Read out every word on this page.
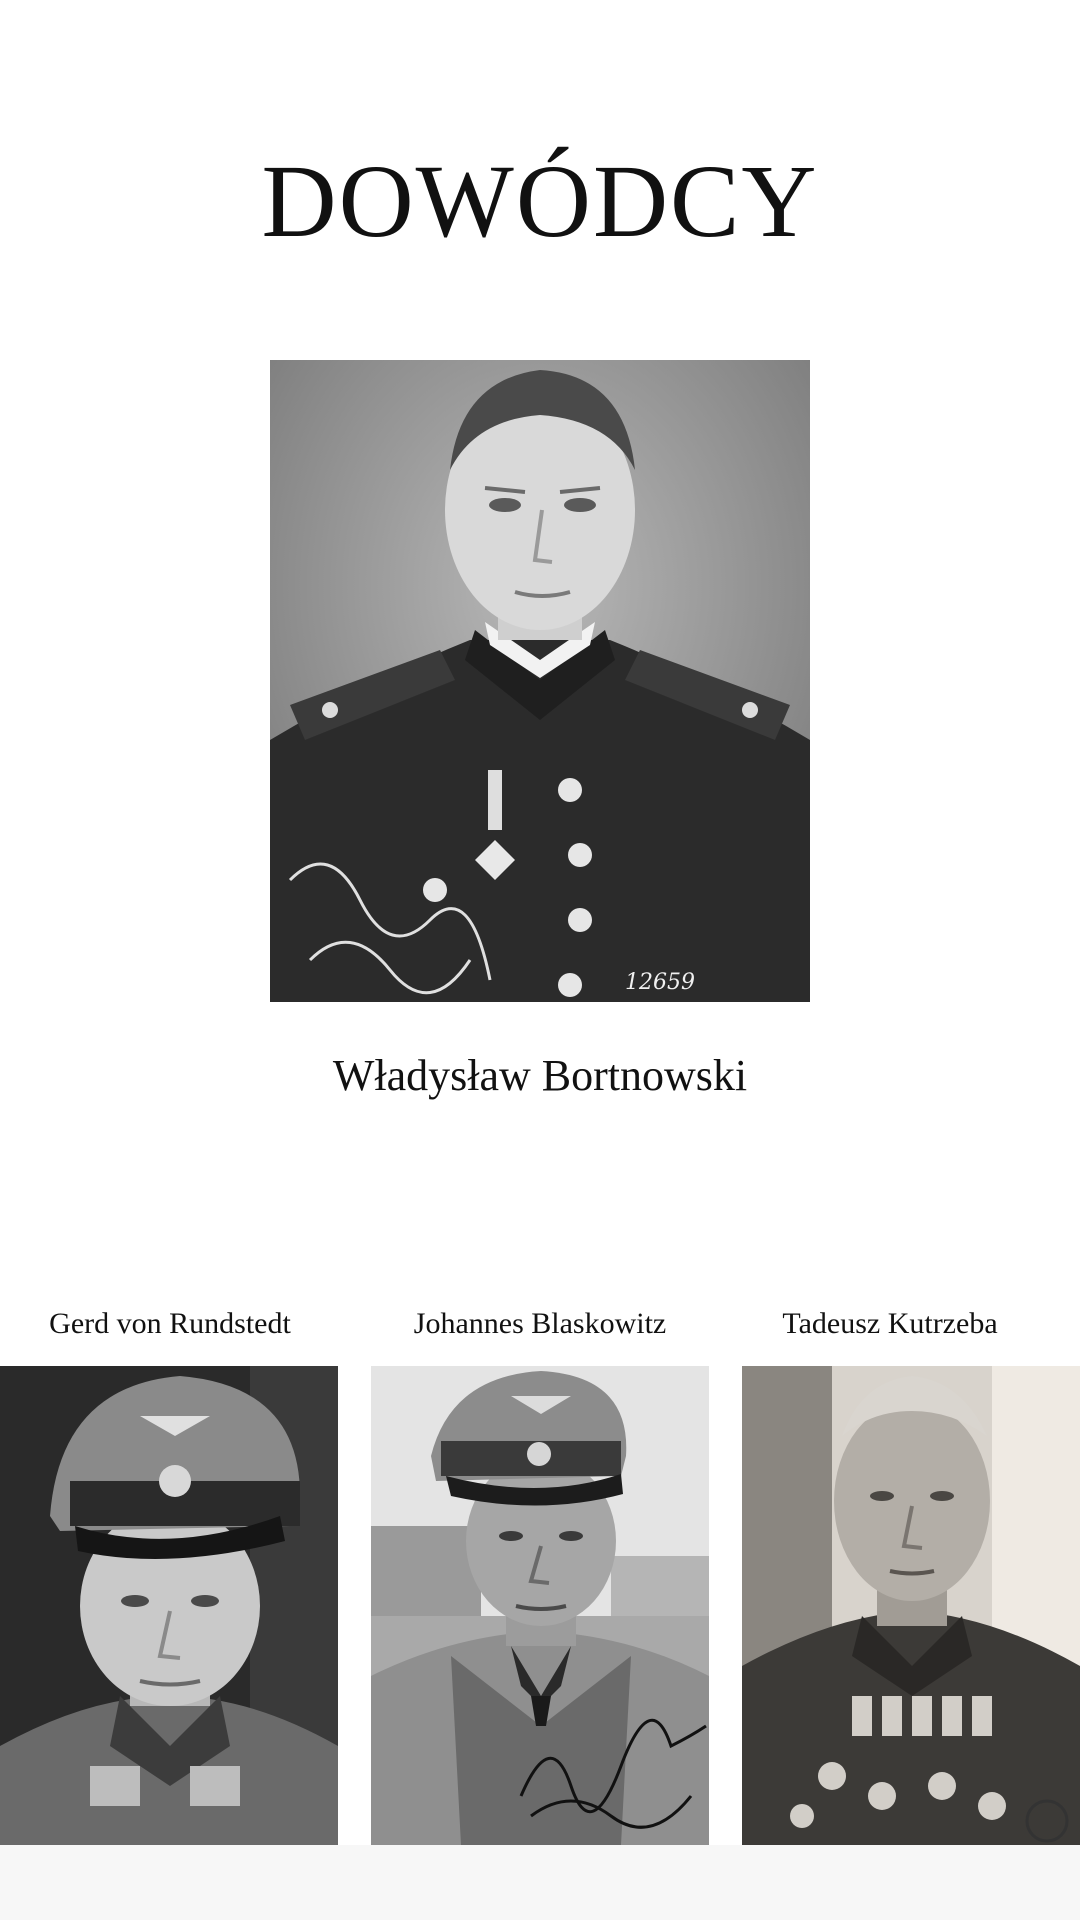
DOWÓDCY
12659
Władysław Bortnowski
Gerd von Rundstedt	Johannes Blaskowitz	Tadeusz Kutrzeba
